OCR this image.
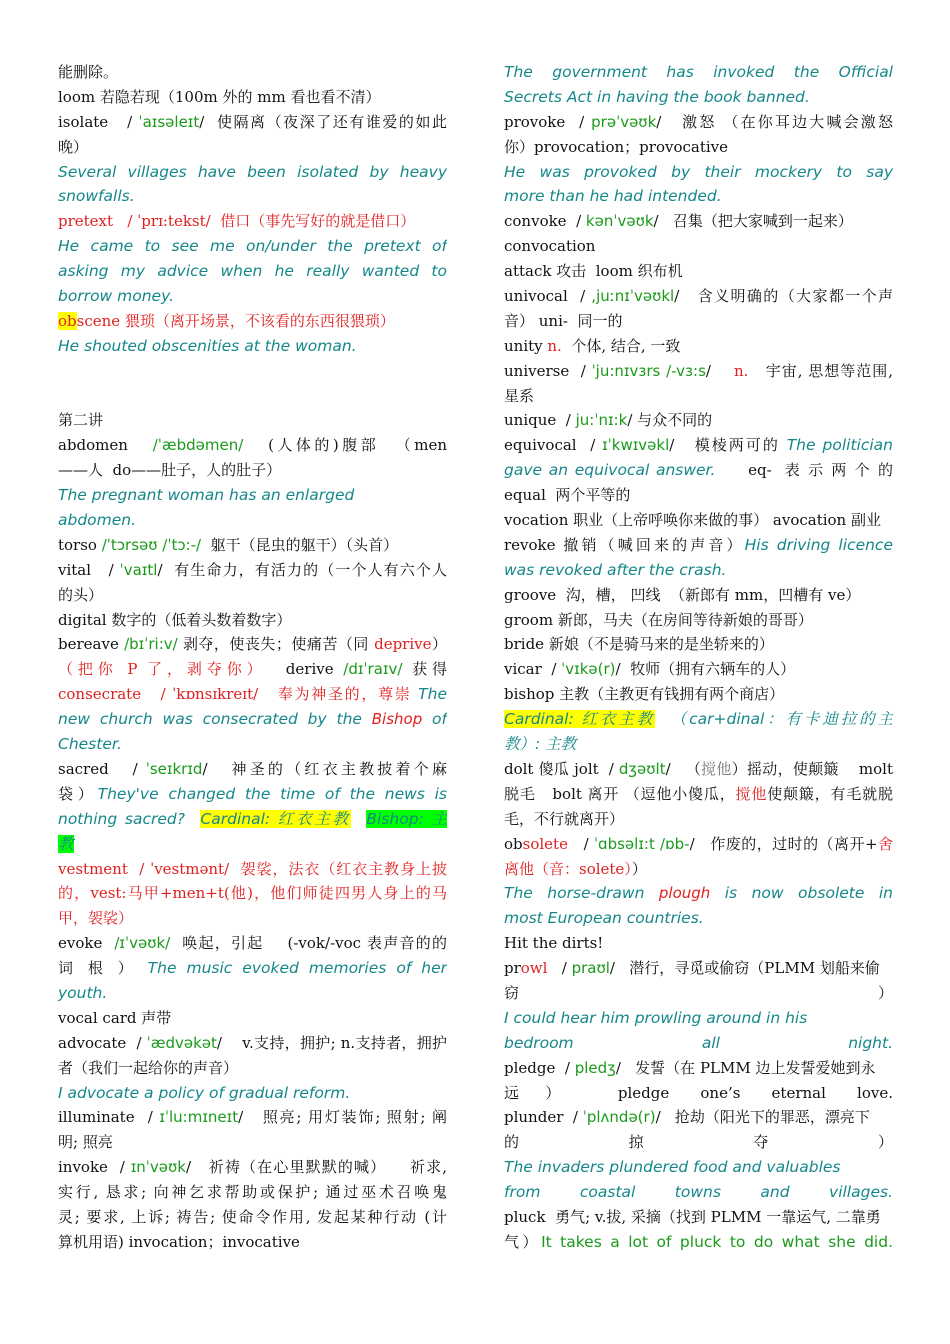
能删除。
loom 若隐若现（100m 外的 mm 看也看不清）
isolate   / ˈaɪsəleɪt/  使隔离（夜深了还有谁爱的如此
晚）
Several villages have been isolated by heavy
snowfalls.
pretext   / ˈprɪ:tekst/  借口（事先写好的就是借口）
He came to see me on/under the pretext of
asking my advice when he really wanted to
borrow money.
obscene 猥琐（离开场景，不该看的东西很猥琐）
He shouted obscenities at the woman.
第二讲
abdomen   /ˈæbdəmen/   (人体的)腹部  （men
——人  do——肚子，人的肚子）
The pregnant woman has an enlarged
abdomen.
torso /ˈtɔrsəʊ /ˈtɔ:-/  躯干（昆虫的躯干）（头首）
vital   / ˈvaɪtl/  有生命力，有活力的（一个人有六个人
的头）
digital 数字的（低着头数着数字）
bereave /bɪˈri:v/ 剥夺，使丧失；使痛苦（同 deprive）
（把你 P 了，剥夺你）  derive /dɪˈraɪv/ 获得
consecrate   / ˈkɒnsɪkreɪt/   奉为神圣的，尊崇 The
new church was consecrated by the Bishop of
Chester.
sacred   / ˈseɪkrɪd/   神圣的（红衣主教披着个麻
袋）They've changed the time of the news is
nothing sacred?  Cardinal: 红衣主教 Bishop: 主
教
vestment  / ˈvestmənt/  袈裟，法衣（红衣主教身上披
的，vest:马甲+men+t(他)，他们师徒四男人身上的马
甲，袈裟）
evoke  /ɪˈvəʊk/  唤起，引起    (-vok/-voc 表声音的的
词 根 ） The music evoked memories of her
youth.
vocal card 声带
advocate  / ˈædvəkət/    v.支持，拥护; n.支持者，拥护
者（我们一起给你的声音）
I advocate a policy of gradual reform.
illuminate  / ɪˈlu:mɪneɪt/   照亮; 用灯装饰; 照射; 阐
明; 照亮
invoke  / ɪnˈvəʊk/   祈祷（在心里默默的喊）    祈求,
实行, 恳求; 向神乞求帮助或保护; 通过巫术召唤鬼
灵; 要求, 上诉; 祷告; 使命令作用, 发起某种行动 (计
算机用语) invocation；invocative
The government has invoked the Official
Secrets Act in having the book banned.
provoke  / prəˈvəʊk/   激怒 （在你耳边大喊会激怒
你）provocation；provocative
He was provoked by their mockery to say
more than he had intended.
convoke  / kənˈvəʊk/   召集（把大家喊到一起来）
convocation
attack 攻击  loom 织布机
univocal  / ,juːnɪˈvəʊkl/   含义明确的（大家都一个声
音） uni-  同一的
unity n.  个体, 结合, 一致
universe  / ˈju:nɪvɜrs /-vɜ:s/    n.   宇宙, 思想等范围,
星系
unique  / ju:ˈnɪ:k/ 与众不同的
equivocal  / ɪˈkwɪvəkl/   模棱两可的 The politician
gave an equivocal answer.     eq-  表 示 两 个 的
equal  两个平等的
vocation 职业（上帝呼唤你来做的事） avocation 副业
revoke 撤销（喊回来的声音）His driving licence
was revoked after the crash.
groove  沟，槽， 凹线  （新郎有 mm，凹槽有 ve）
groom 新郎，马夫（在房间等待新娘的哥哥）
bride 新娘（不是骑马来的是坐轿来的）
vicar  / ˈvɪkə(r)/  牧师（拥有六辆车的人）
bishop 主教（主教更有钱拥有两个商店）
Cardinal: 红衣主教  （car+dinal：有卡迪拉的主
教）: 主教
dolt 傻瓜 jolt  / dʒəʊlt/   （搅他）摇动，使颠簸    molt
脱毛   bolt 离开 （逗他小傻瓜，搅他使颠簸，有毛就脱
毛，不行就离开）
obsolete   / ˈɑbsəlɪ:t /ɒb-/   作废的，过时的（离开+舍
离他（音：solete））
The horse-drawn plough is now obsolete in
most European countries.
Hit the dirts!
prowl   / praʊl/   潜行，寻觅或偷窃（PLMM 划船来偷
窃）
I could hear him prowling around in his
bedroom all night.
pledge  / pledʒ/   发誓（在 PLMM 边上发誓爱她到永
远） pledge one’s eternal love.
plunder  / ˈplʌndə(r)/   抢劫（阳光下的罪恶，漂亮下
的掠夺）
The invaders plundered food and valuables
from coastal towns and villages.
pluck  勇气; v.拔, 采摘（找到 PLMM 一靠运气, 二靠勇
气）It takes a lot of pluck to do what she did.
